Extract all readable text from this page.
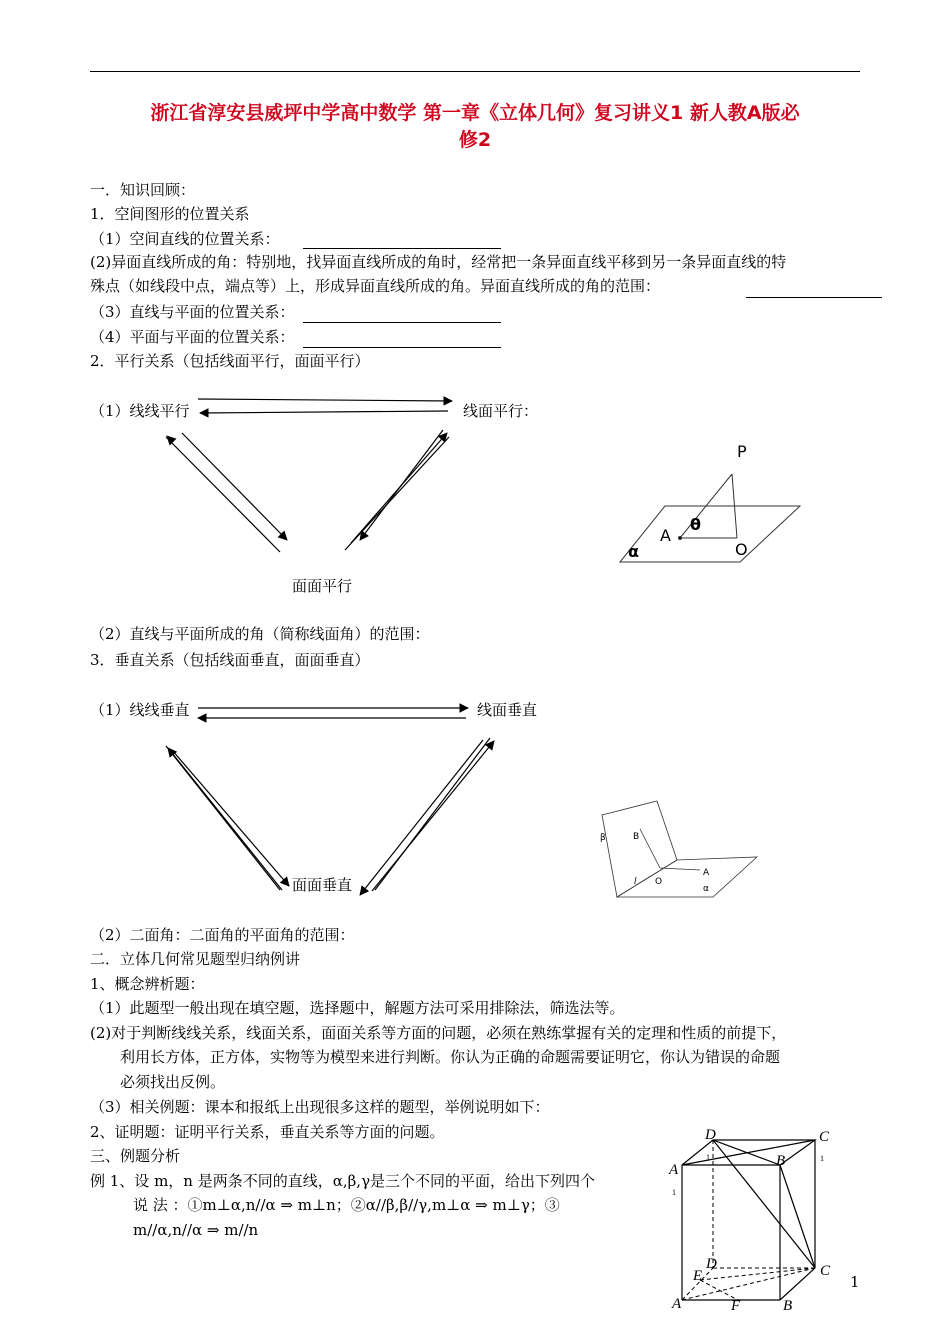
浙江省淳安县威坪中学高中数学 第一章《立体几何》复习讲义1 新人教A版必
修2
一．知识回顾：
1．空间图形的位置关系
（1）空间直线的位置关系：
(2)异面直线所成的角：特别地，找异面直线所成的角时，经常把一条异面直线平移到另一条异面直线的特
殊点（如线段中点，端点等）上，形成异面直线所成的角。异面直线所成的角的范围：
（3）直线与平面的位置关系：
（4）平面与平面的位置关系：
2．平行关系（包括线面平行，面面平行）
（1）线线平行	线面平行：
面面平行
（2）直线与平面所成的角（简称线面角）的范围：
3．垂直关系（包括线面垂直，面面垂直）
（1）线线垂直	线面垂直
面面垂直
（2）二面角：二面角的平面角的范围：
二．立体几何常见题型归纳例讲
1、概念辨析题：
（1）此题型一般出现在填空题，选择题中，解题方法可采用排除法，筛选法等。
(2)对于判断线线关系，线面关系，面面关系等方面的问题，必须在熟练掌握有关的定理和性质的前提下，
利用长方体，正方体，实物等为模型来进行判断。你认为正确的命题需要证明它，你认为错误的命题
必须找出反例。
（3）相关例题：课本和报纸上出现很多这样的题型，举例说明如下：
2、证明题：证明平行关系，垂直关系等方面的问题。
三、例题分析
例 1、设 m，n 是两条不同的直线，α,β,γ是三个不同的平面，给出下列四个
说 法 ：①m⊥α,n//α ⇒ m⊥n；②α//β,β//γ,m⊥α ⇒ m⊥γ；③
m//α,n//α ⇒ m//n
P
A
θ
O
α
β	B
A
O
l
α
D	C
A
B
D	C
A	B
E
F
1	1
1
1
